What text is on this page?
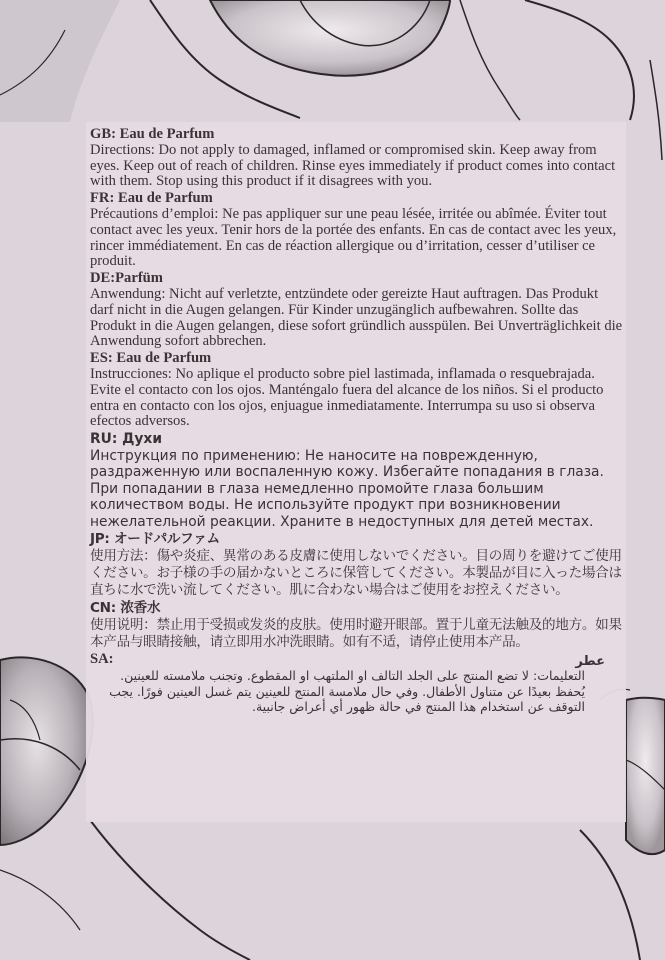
GB: Eau de Parfum
Directions: Do not apply to damaged, inflamed or compromised skin. Keep away from eyes. Keep out of reach of children. Rinse eyes immediately if product comes into contact with them. Stop using this product if it disagrees with you.
FR: Eau de Parfum
Précautions d’emploi: Ne pas appliquer sur une peau lésée, irritée ou abîmée. Éviter tout contact avec les yeux. Tenir hors de la portée des enfants. En cas de contact avec les yeux, rincer immédiatement. En cas de réaction allergique ou d’irritation, cesser d’utiliser ce produit.
DE:Parfüm
Anwendung: Nicht auf verletzte, entzündete oder gereizte Haut auftragen. Das Produkt darf nicht in die Augen gelangen. Für Kinder unzugänglich aufbewahren. Sollte das Produkt in die Augen gelangen, diese sofort gründlich ausspülen. Bei Unverträglichkeit die Anwendung sofort abbrechen.
ES: Eau de Parfum
Instrucciones: No aplique el producto sobre piel lastimada, inflamada o resquebrajada. Evite el contacto con los ojos. Manténgalo fuera del alcance de los niños. Si el producto entra en contacto con los ojos, enjuague inmediatamente. Interrumpa su uso si observa efectos adversos.
RU: Духи
Инструкция по применению: Не наносите на поврежденную, раздраженную или воспаленную кожу. Избегайте попадания в глаза. При попадании в глаза немедленно промойте глаза большим количеством воды. Не используйте продукт при возникновении нежелательной реакции. Храните в недоступных для детей местах.
JP: オードパルファム
使用方法：傷や炎症、異常のある皮膚に使用しないでください。目の周りを避けてご使用ください。お子様の手の届かないところに保管してください。本製品が目に入った場合は直ちに水で洗い流してください。肌に合わない場合はご使用をお控えください。
CN: 浓香水
使用说明：禁止用于受损或发炎的皮肤。使用时避开眼部。置于儿童无法触及的地方。如果本产品与眼睛接触，请立即用水冲洗眼睛。如有不适，请停止使用本产品。
SA:	عطر
التعليمات: لا تضع المنتج على الجلد التالف او الملتهب او المقطوع. وتجنب ملامسته للعينين. يُحفظ بعيدًا عن متناول الأطفال. وفي حال ملامسة المنتج للعينين يتم غسل العينين فورًا. يجب التوقف عن استخدام هذا المنتج في حالة ظهور أي أعراض جانبية.
